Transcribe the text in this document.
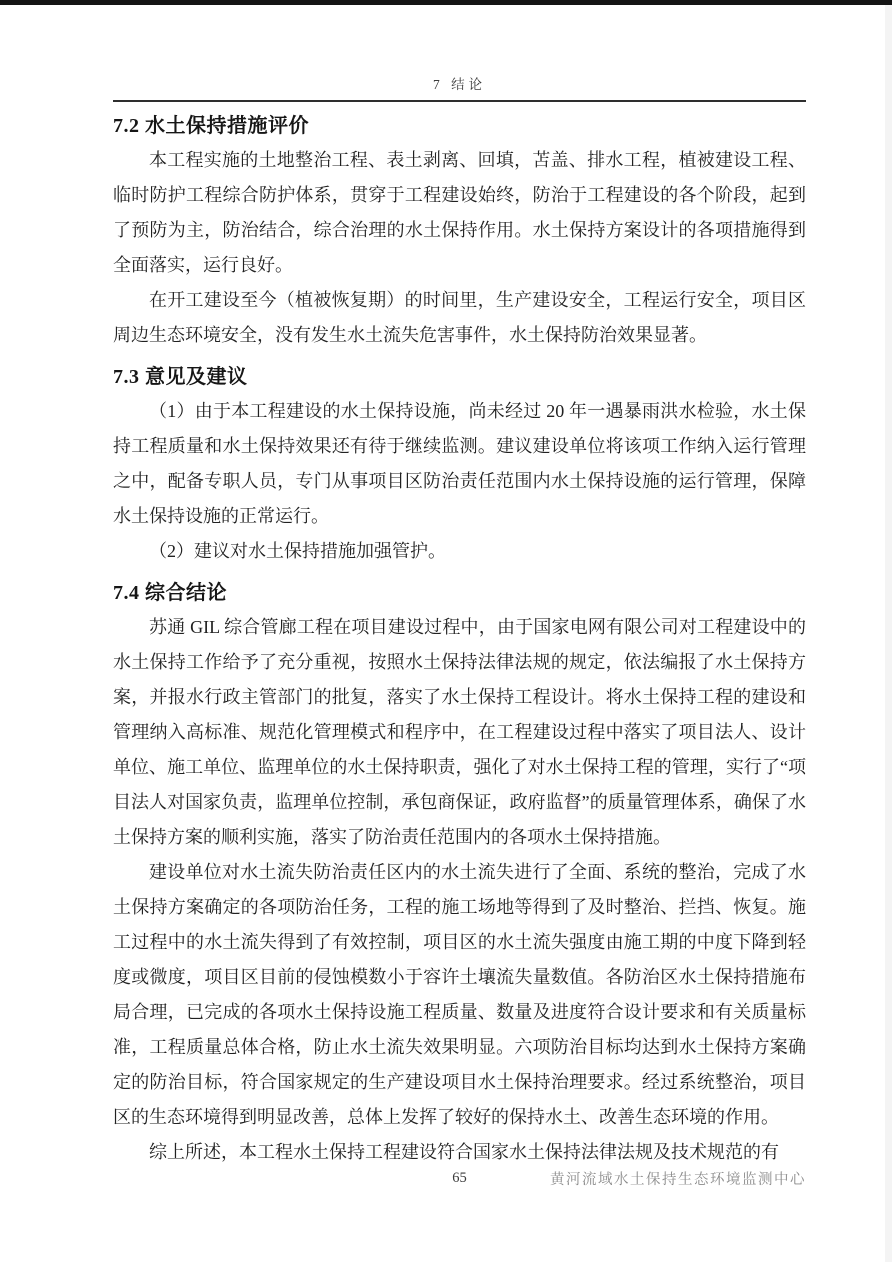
7 结论
7.2 水土保持措施评价

本工程实施的土地整治工程、表土剥离、回填，苫盖、排水工程，植被建设工程、临时防护工程综合防护体系，贯穿于工程建设始终，防治于工程建设的各个阶段，起到了预防为主，防治结合，综合治理的水土保持作用。水土保持方案设计的各项措施得到全面落实，运行良好。

在开工建设至今（植被恢复期）的时间里，生产建设安全，工程运行安全，项目区周边生态环境安全，没有发生水土流失危害事件，水土保持防治效果显著。

7.3 意见及建议

（1）由于本工程建设的水土保持设施，尚未经过 20 年一遇暴雨洪水检验，水土保持工程质量和水土保持效果还有待于继续监测。建议建设单位将该项工作纳入运行管理之中，配备专职人员，专门从事项目区防治责任范围内水土保持设施的运行管理，保障水土保持设施的正常运行。

（2）建议对水土保持措施加强管护。

7.4 综合结论

苏通 GIL 综合管廊工程在项目建设过程中，由于国家电网有限公司对工程建设中的水土保持工作给予了充分重视，按照水土保持法律法规的规定，依法编报了水土保持方案，并报水行政主管部门的批复，落实了水土保持工程设计。将水土保持工程的建设和管理纳入高标准、规范化管理模式和程序中，在工程建设过程中落实了项目法人、设计单位、施工单位、监理单位的水土保持职责，强化了对水土保持工程的管理，实行了“项目法人对国家负责，监理单位控制，承包商保证，政府监督”的质量管理体系，确保了水土保持方案的顺利实施，落实了防治责任范围内的各项水土保持措施。

建设单位对水土流失防治责任区内的水土流失进行了全面、系统的整治，完成了水土保持方案确定的各项防治任务，工程的施工场地等得到了及时整治、拦挡、恢复。施工过程中的水土流失得到了有效控制，项目区的水土流失强度由施工期的中度下降到轻度或微度，项目区目前的侵蚀模数小于容许土壤流失量数值。各防治区水土保持措施布局合理，已完成的各项水土保持设施工程质量、数量及进度符合设计要求和有关质量标准，工程质量总体合格，防止水土流失效果明显。六项防治目标均达到水土保持方案确定的防治目标，符合国家规定的生产建设项目水土保持治理要求。经过系统整治，项目区的生态环境得到明显改善，总体上发挥了较好的保持水土、改善生态环境的作用。

综上所述，本工程水土保持工程建设符合国家水土保持法律法规及技术规范的有

65	黄河流域水土保持生态环境监测中心
